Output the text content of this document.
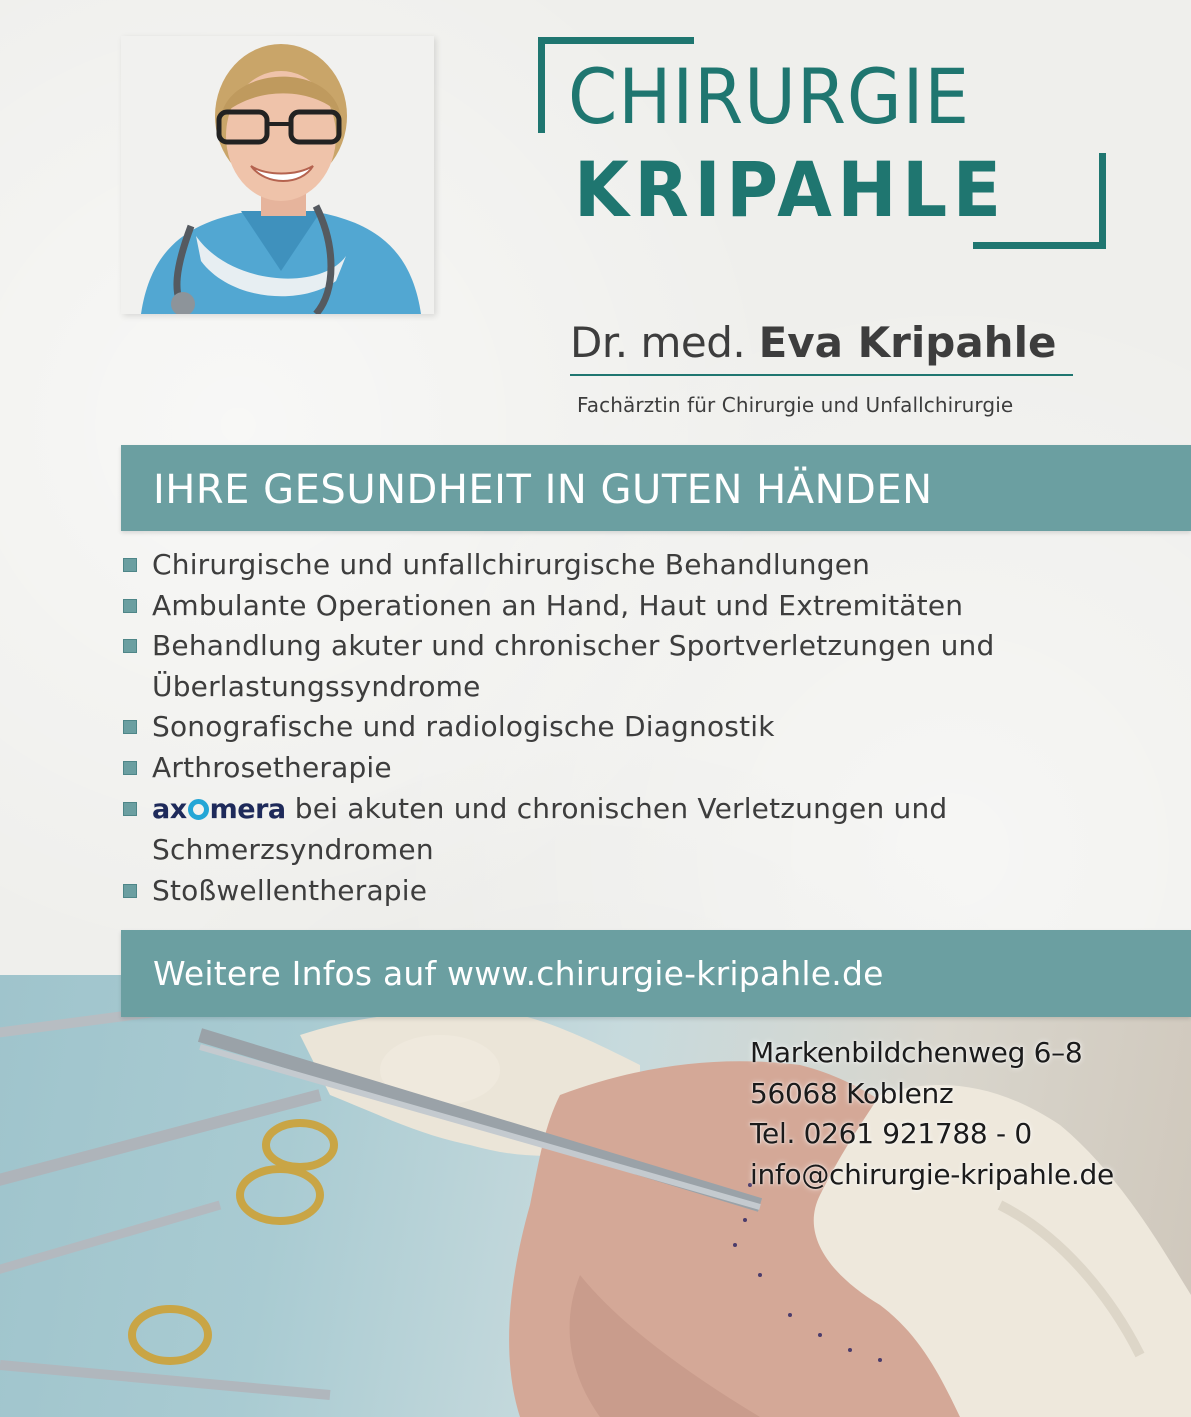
CHIRURGIE
KRIPAHLE
Dr. med. Eva Kripahle
Fachärztin für Chirurgie und Unfallchirurgie
IHRE GESUNDHEIT IN GUTEN HÄNDEN
Chirurgische und unfallchirurgische Behandlungen
Ambulante Operationen an Hand, Haut und Extremitäten
Behandlung akuter und chronischer Sportverletzungen und Überlastungssyndrome
Sonografische und radiologische Diagnostik
Arthrosetherapie
ax mera bei akuten und chronischen Verletzungen und Schmerzsyndromen
Stoßwellentherapie
Weitere Infos auf www.chirurgie-kripahle.de
Markenbildchenweg 6–8
56068 Koblenz
Tel. 0261 921788 - 0
info@chirurgie-kripahle.de
